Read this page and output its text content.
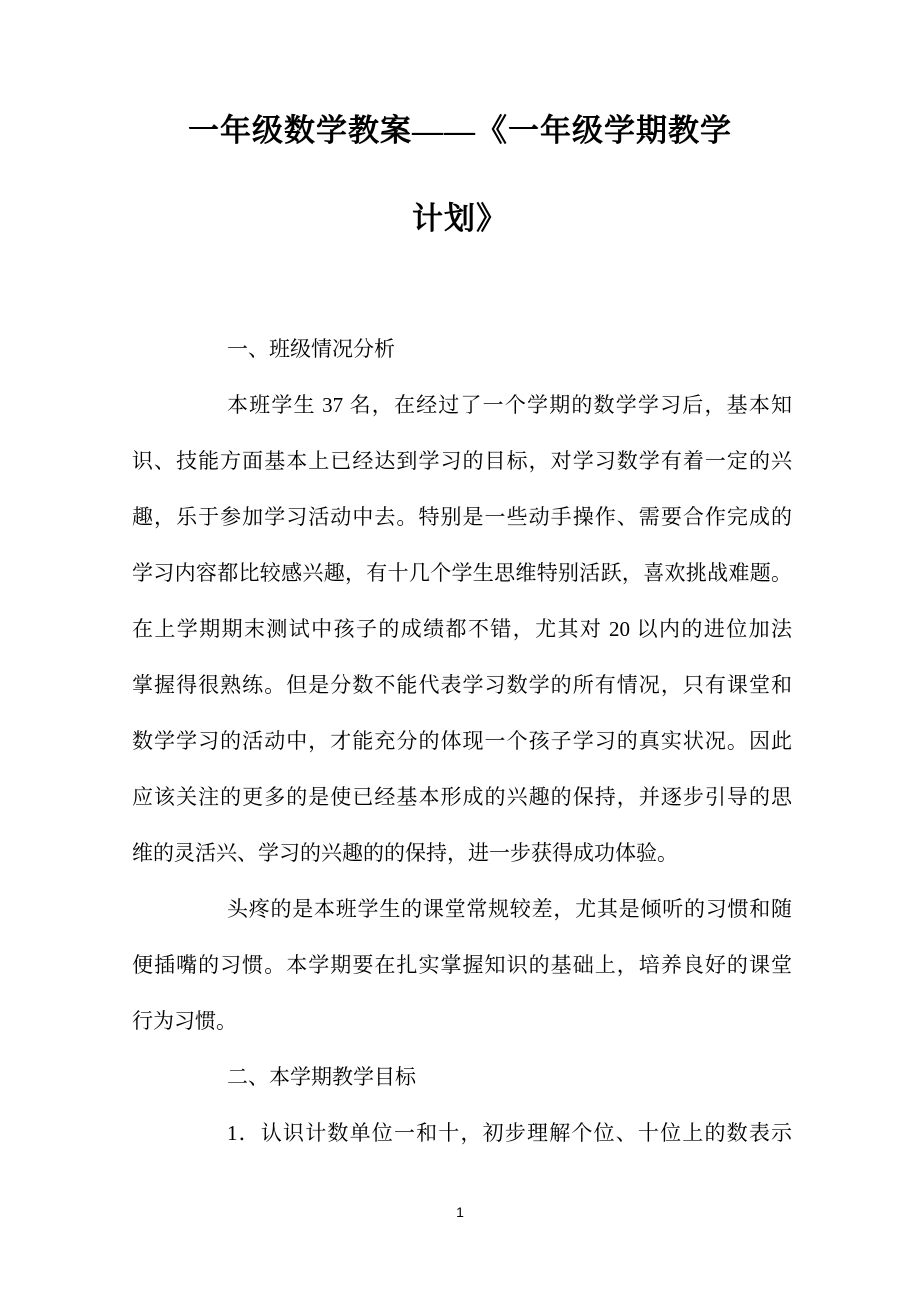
一年级数学教案——《一年级学期教学
计划》
一、班级情况分析
本班学生 37 名，在经过了一个学期的数学学习后，基本知
识、技能方面基本上已经达到学习的目标，对学习数学有着一定的兴
趣，乐于参加学习活动中去。特别是一些动手操作、需要合作完成的
学习内容都比较感兴趣，有十几个学生思维特别活跃，喜欢挑战难题。
在上学期期末测试中孩子的成绩都不错，尤其对 20 以内的进位加法
掌握得很熟练。但是分数不能代表学习数学的所有情况，只有课堂和
数学学习的活动中，才能充分的体现一个孩子学习的真实状况。因此
应该关注的更多的是使已经基本形成的兴趣的保持，并逐步引导的思
维的灵活兴、学习的兴趣的的保持，进一步获得成功体验。
头疼的是本班学生的课堂常规较差，尤其是倾听的习惯和随
便插嘴的习惯。本学期要在扎实掌握知识的基础上，培养良好的课堂
行为习惯。
二、本学期教学目标
1．认识计数单位一和十，初步理解个位、十位上的数表示
1
